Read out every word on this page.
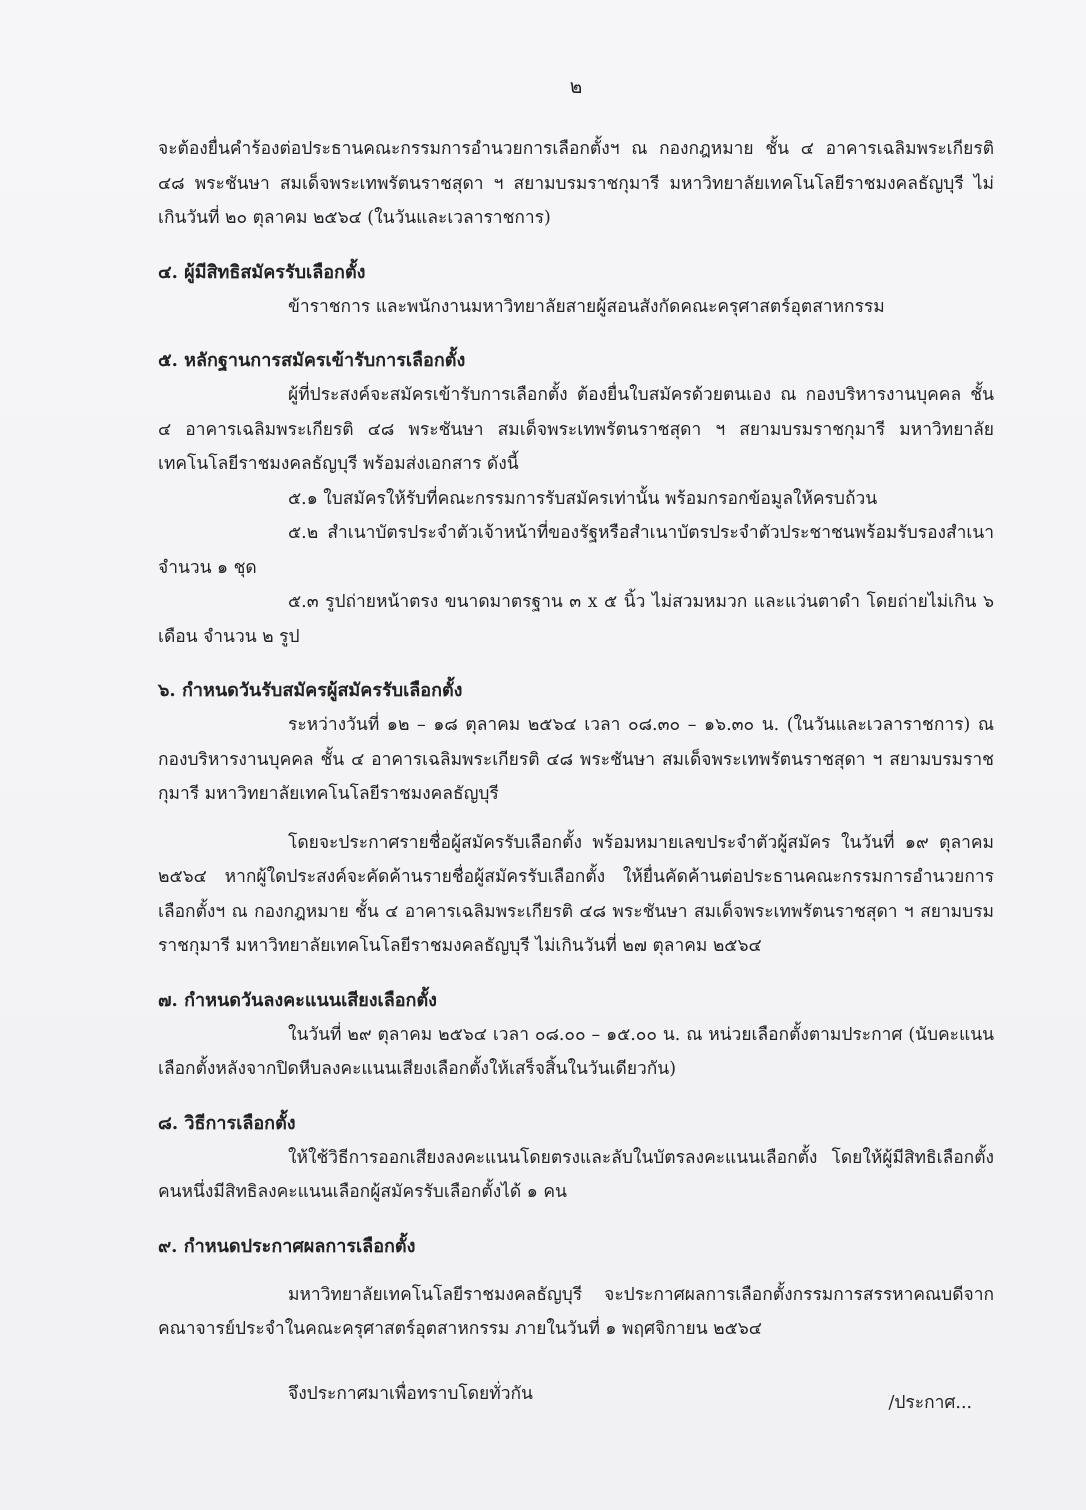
๒

จะต้องยื่นคำร้องต่อประธานคณะกรรมการอำนวยการเลือกตั้งฯ ณ กองกฎหมาย ชั้น ๔ อาคารเฉลิมพระเกียรติ ๔๘ พระชันษา สมเด็จพระเทพรัตนราชสุดา ฯ สยามบรมราชกุมารี มหาวิทยาลัยเทคโนโลยีราชมงคลธัญบุรี ไม่เกินวันที่ ๒๐ ตุลาคม ๒๕๖๔ (ในวันและเวลาราชการ)

๔. ผู้มีสิทธิสมัครรับเลือกตั้ง

ข้าราชการ และพนักงานมหาวิทยาลัยสายผู้สอนสังกัดคณะครุศาสตร์อุตสาหกรรม

๕. หลักฐานการสมัครเข้ารับการเลือกตั้ง

ผู้ที่ประสงค์จะสมัครเข้ารับการเลือกตั้ง ต้องยื่นใบสมัครด้วยตนเอง ณ กองบริหารงานบุคคล ชั้น ๔ อาคารเฉลิมพระเกียรติ ๔๘ พระชันษา สมเด็จพระเทพรัตนราชสุดา ฯ สยามบรมราชกุมารี มหาวิทยาลัยเทคโนโลยีราชมงคลธัญบุรี พร้อมส่งเอกสาร ดังนี้

๕.๑ ใบสมัครให้รับที่คณะกรรมการรับสมัครเท่านั้น พร้อมกรอกข้อมูลให้ครบถ้วน

๕.๒ สำเนาบัตรประจำตัวเจ้าหน้าที่ของรัฐหรือสำเนาบัตรประจำตัวประชาชนพร้อมรับรองสำเนา จำนวน ๑ ชุด

๕.๓ รูปถ่ายหน้าตรง ขนาดมาตรฐาน ๓ x ๕ นิ้ว ไม่สวมหมวก และแว่นตาดำ โดยถ่ายไม่เกิน ๖ เดือน จำนวน ๒ รูป

๖. กำหนดวันรับสมัครผู้สมัครรับเลือกตั้ง

ระหว่างวันที่ ๑๒ – ๑๘ ตุลาคม ๒๕๖๔ เวลา ๐๘.๓๐ – ๑๖.๓๐ น. (ในวันและเวลาราชการ) ณ กองบริหารงานบุคคล ชั้น ๔ อาคารเฉลิมพระเกียรติ ๔๘ พระชันษา สมเด็จพระเทพรัตนราชสุดา ฯ สยามบรมราชกุมารี มหาวิทยาลัยเทคโนโลยีราชมงคลธัญบุรี

โดยจะประกาศรายชื่อผู้สมัครรับเลือกตั้ง พร้อมหมายเลขประจำตัวผู้สมัคร ในวันที่ ๑๙ ตุลาคม ๒๕๖๔ หากผู้ใดประสงค์จะคัดค้านรายชื่อผู้สมัครรับเลือกตั้ง ให้ยื่นคัดค้านต่อประธานคณะกรรมการอำนวยการเลือกตั้งฯ ณ กองกฎหมาย ชั้น ๔ อาคารเฉลิมพระเกียรติ ๔๘ พระชันษา สมเด็จพระเทพรัตนราชสุดา ฯ สยามบรมราชกุมารี มหาวิทยาลัยเทคโนโลยีราชมงคลธัญบุรี ไม่เกินวันที่ ๒๗ ตุลาคม ๒๕๖๔

๗. กำหนดวันลงคะแนนเสียงเลือกตั้ง

ในวันที่ ๒๙ ตุลาคม ๒๕๖๔ เวลา ๐๘.๐๐ – ๑๕.๐๐ น. ณ หน่วยเลือกตั้งตามประกาศ (นับคะแนนเลือกตั้งหลังจากปิดหีบลงคะแนนเสียงเลือกตั้งให้เสร็จสิ้นในวันเดียวกัน)

๘. วิธีการเลือกตั้ง

ให้ใช้วิธีการออกเสียงลงคะแนนโดยตรงและลับในบัตรลงคะแนนเลือกตั้ง โดยให้ผู้มีสิทธิเลือกตั้งคนหนึ่งมีสิทธิลงคะแนนเลือกผู้สมัครรับเลือกตั้งได้ ๑ คน

๙. กำหนดประกาศผลการเลือกตั้ง

มหาวิทยาลัยเทคโนโลยีราชมงคลธัญบุรี จะประกาศผลการเลือกตั้งกรรมการสรรหาคณบดีจากคณาจารย์ประจำในคณะครุศาสตร์อุตสาหกรรม ภายในวันที่ ๑ พฤศจิกายน ๒๕๖๔

จึงประกาศมาเพื่อทราบโดยทั่วกัน	/ประกาศ...
